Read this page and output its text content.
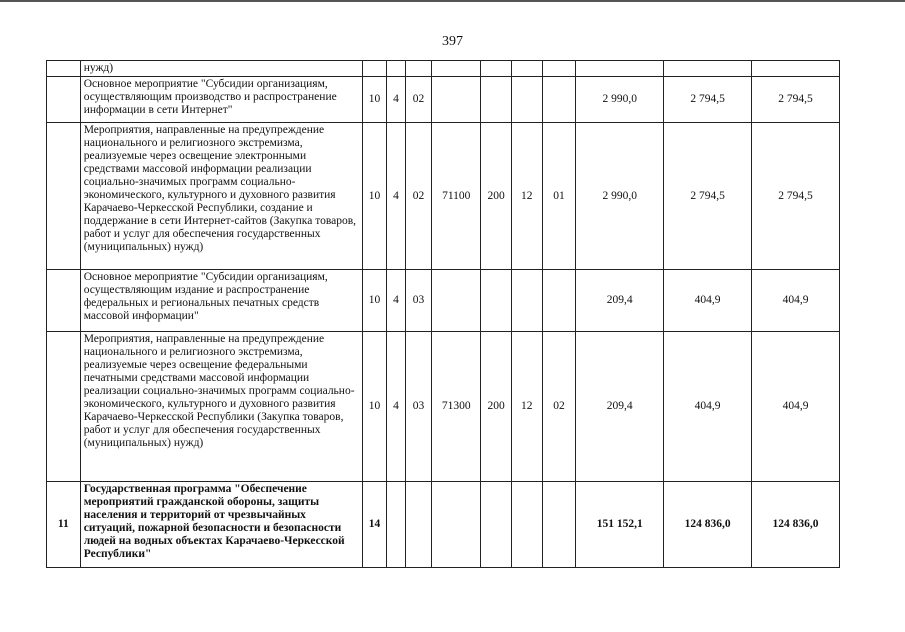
397
	нужд)										
	Основное мероприятие "Субсидии организациям, осуществляющим производство и распространение информации в сети Интернет"	10	4	02					2 990,0	2 794,5	2 794,5
	Мероприятия, направленные на предупреждение национального и религиозного экстремизма, реализуемые через освещение электронными средствами массовой информации реализации социально-значимых программ социально-экономического, культурного и духовного развития Карачаево-Черкесской Республики, создание и поддержание в сети Интернет-сайтов (Закупка товаров, работ и услуг для обеспечения государственных (муниципальных) нужд)	10	4	02	71100	200	12	01	2 990,0	2 794,5	2 794,5
	Основное мероприятие "Субсидии организациям, осуществляющим издание и распространение федеральных и региональных печатных средств массовой информации"	10	4	03					209,4	404,9	404,9
	Мероприятия, направленные на предупреждение национального и религиозного экстремизма, реализуемые через освещение федеральными печатными средствами массовой информации реализации социально-значимых программ социально-экономического, культурного и духовного развития Карачаево-Черкесской Республики (Закупка товаров, работ и услуг для обеспечения государственных (муниципальных) нужд)	10	4	03	71300	200	12	02	209,4	404,9	404,9
11	Государственная программа "Обеспечение мероприятий гражданской обороны, защиты населения и территорий от чрезвычайных ситуаций, пожарной безопасности и безопасности людей на водных объектах Карачаево-Черкесской Республики"	14							151 152,1	124 836,0	124 836,0
